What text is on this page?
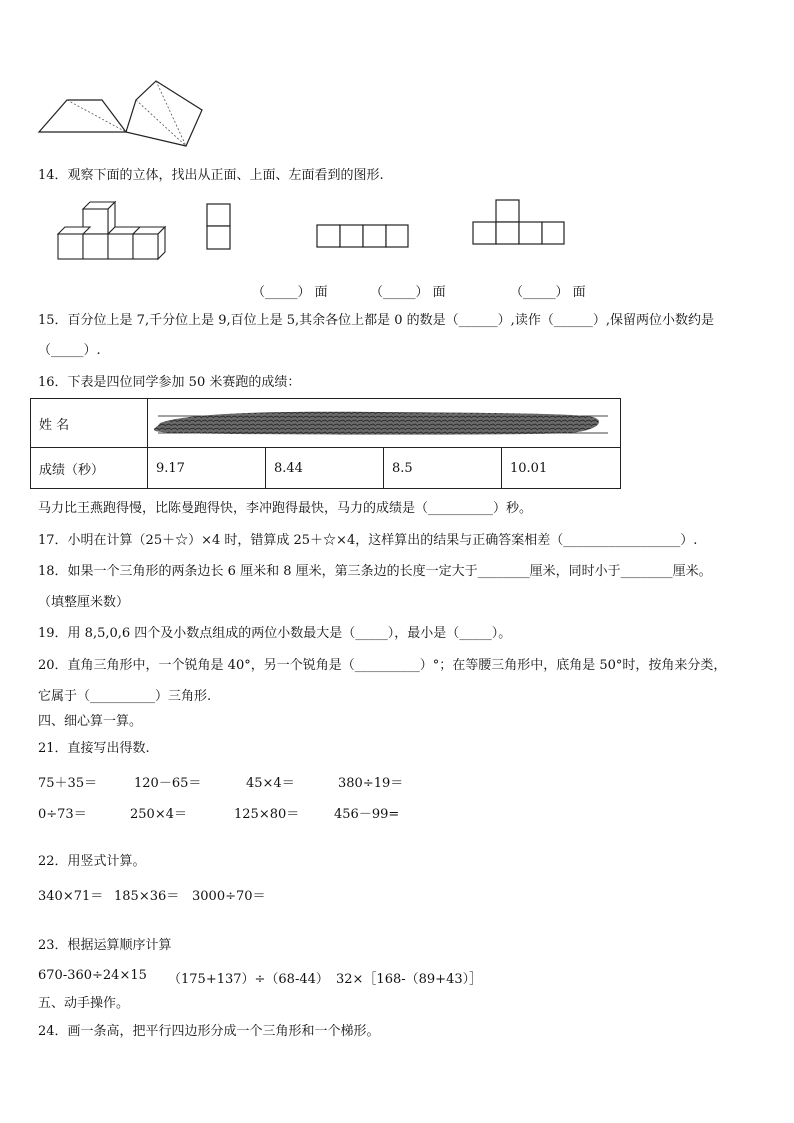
14．观察下面的立体，找出从正面、上面、左面看到的图形.
（_____） 面	（_____） 面	（_____） 面
15．百分位上是 7,千分位上是 9,百位上是 5,其余各位上都是 0 的数是（______）,读作（______）,保留两位小数约是
（_____）.
16．下表是四位同学参加 50 米赛跑的成绩：
姓 名	

成绩（秒）	9.17	8.44	8.5	10.01
马力比王燕跑得慢，比陈曼跑得快，李冲跑得最快，马力的成绩是（__________）秒。
17．小明在计算（25＋☆）×4 时，错算成 25＋☆×4，这样算出的结果与正确答案相差（__________________）.
18．如果一个三角形的两条边长 6 厘米和 8 厘米，第三条边的长度一定大于________厘米，同时小于________厘米。
（填整厘米数）
19．用 8,5,0,6 四个及小数点组成的两位小数最大是（_____），最小是（_____）。
20．直角三角形中，一个锐角是 40°，另一个锐角是（__________）°；在等腰三角形中，底角是 50°时，按角来分类，
它属于（__________）三角形.
四、细心算一算。
21．直接写出得数.
75＋35＝	120－65＝	45×4＝	380÷19＝
0÷73＝	250×4＝	125×80＝	456－99=
22．用竖式计算。
340×71＝ 185×36＝ 3000÷70＝
23．根据运算顺序计算
670-360÷24×15 （175+137）÷（68-44） 32×［168-（89+43）］
五、动手操作。
24．画一条高，把平行四边形分成一个三角形和一个梯形。
